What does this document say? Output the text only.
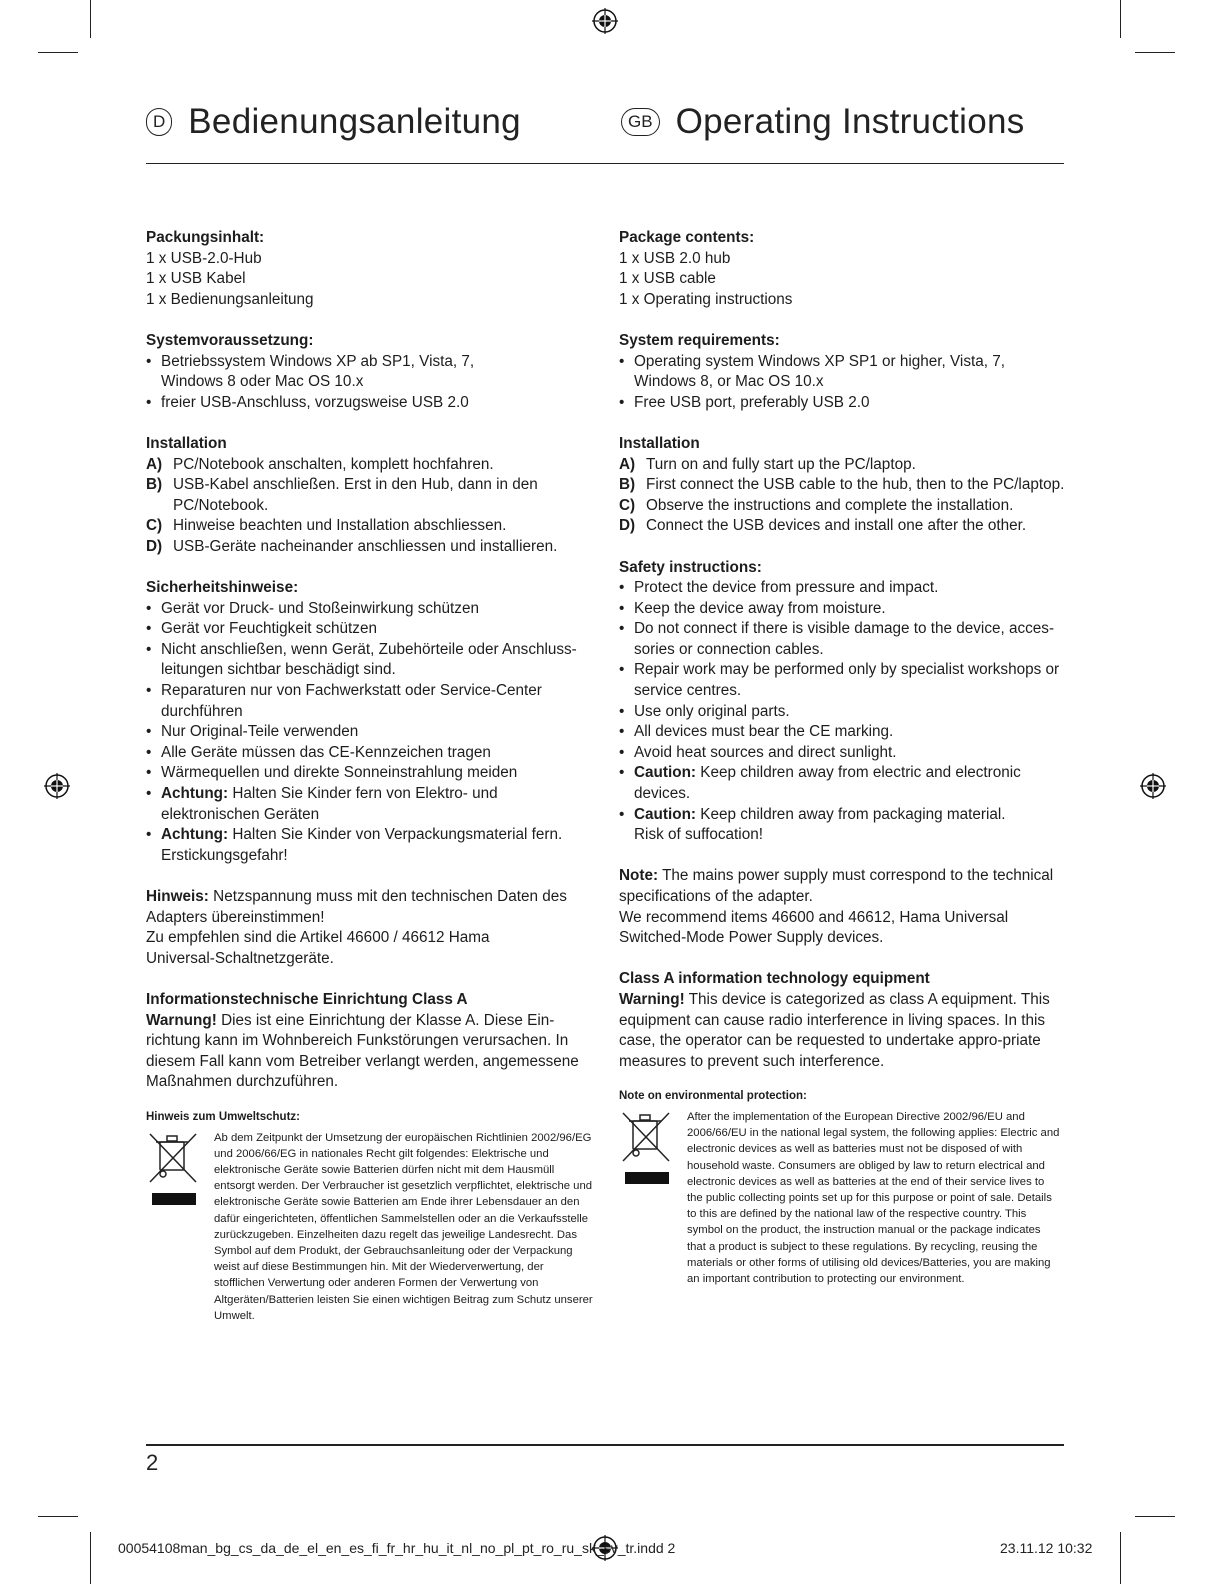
D Bedienungsanleitung	GB Operating Instructions

Packungsinhalt:

1 x USB-2.0-Hub

1 x USB Kabel

1 x Bedienungsanleitung

Systemvoraussetzung:

• Betriebssystem Windows XP ab SP1, Vista, 7, Windows 8 oder Mac OS 10.x
• freier USB-Anschluss, vorzugsweise USB 2.0

Installation

A) PC/Notebook anschalten, komplett hochfahren.
B) USB-Kabel anschließen. Erst in den Hub, dann in den PC/Notebook.
C) Hinweise beachten und Installation abschliessen.
D) USB-Geräte nacheinander anschliessen und installieren.

Sicherheitshinweise:

• Gerät vor Druck- und Stoßeinwirkung schützen
• Gerät vor Feuchtigkeit schützen
• Nicht anschließen, wenn Gerät, Zubehörteile oder Anschluss-leitungen sichtbar beschädigt sind.
• Reparaturen nur von Fachwerkstatt oder Service-Center durchführen
• Nur Original-Teile verwenden
• Alle Geräte müssen das CE-Kennzeichen tragen
• Wärmequellen und direkte Sonneinstrahlung meiden
• Achtung: Halten Sie Kinder fern von Elektro- und elektronischen Geräten
• Achtung: Halten Sie Kinder von Verpackungsmaterial fern. Erstickungsgefahr!

Hinweis: Netzspannung muss mit den technischen Daten des Adapters übereinstimmen!

Zu empfehlen sind die Artikel 46600 / 46612 Hama Universal-Schaltnetzgeräte.

Informationstechnische Einrichtung Class A

Warnung! Dies ist eine Einrichtung der Klasse A. Diese Ein-richtung kann im Wohnbereich Funkstörungen verursachen. In diesem Fall kann vom Betreiber verlangt werden, angemessene Maßnahmen durchzuführen.

Hinweis zum Umweltschutz:
Ab dem Zeitpunkt der Umsetzung der europäischen Richtlinien 2002/96/EG und 2006/66/EG in nationales Recht gilt folgendes: Elektrische und elektronische Geräte sowie Batterien dürfen nicht mit dem Hausmüll entsorgt werden. Der Verbraucher ist gesetzlich verpflichtet, elektrische und elektronische Geräte sowie Batterien am Ende ihrer Lebensdauer an den dafür eingerichteten, öffentlichen Sammelstellen oder an die Verkaufsstelle zurückzugeben. Einzelheiten dazu regelt das jeweilige Landesrecht. Das Symbol auf dem Produkt, der Gebrauchsanleitung oder der Verpackung weist auf diese Bestimmungen hin. Mit der Wiederverwertung, der stofflichen Verwertung oder anderen Formen der Verwertung von Altgeräten/Batterien leisten Sie einen wichtigen Beitrag zum Schutz unserer Umwelt.

Package contents:

1 x USB 2.0 hub

1 x USB cable

1 x Operating instructions

System requirements:

• Operating system Windows XP SP1 or higher, Vista, 7, Windows 8, or Mac OS 10.x
• Free USB port, preferably USB 2.0

Installation

A) Turn on and fully start up the PC/laptop.
B) First connect the USB cable to the hub, then to the PC/laptop.
C) Observe the instructions and complete the installation.
D) Connect the USB devices and install one after the other.

Safety instructions:

• Protect the device from pressure and impact.
• Keep the device away from moisture.
• Do not connect if there is visible damage to the device, acces-sories or connection cables.
• Repair work may be performed only by specialist workshops or service centres.
• Use only original parts.
• All devices must bear the CE marking.
• Avoid heat sources and direct sunlight.
• Caution: Keep children away from electric and electronic devices.
• Caution: Keep children away from packaging material. Risk of suffocation!

Note: The mains power supply must correspond to the technical specifications of the adapter.

We recommend items 46600 and 46612, Hama Universal Switched-Mode Power Supply devices.

Class A information technology equipment

Warning! This device is categorized as class A equipment. This equipment can cause radio interference in living spaces. In this case, the operator can be requested to undertake appro-priate measures to prevent such interference.

Note on environmental protection:
After the implementation of the European Directive 2002/96/EU and 2006/66/EU in the national legal system, the following applies: Electric and electronic devices as well as batteries must not be disposed of with household waste. Consumers are obliged by law to return electrical and electronic devices as well as batteries at the end of their service lives to the public collecting points set up for this purpose or point of sale. Details to this are defined by the national law of the respective country. This symbol on the product, the instruction manual or the package indicates that a product is subject to these regulations. By recycling, reusing the materials or other forms of utilising old devices/Batteries, you are making an important contribution to protecting our environment.
2
00054108man_bg_cs_da_de_el_en_es_fi_fr_hr_hu_it_nl_no_pl_pt_ro_ru_sk_sv_tr.indd 2	23.11.12 10:32
